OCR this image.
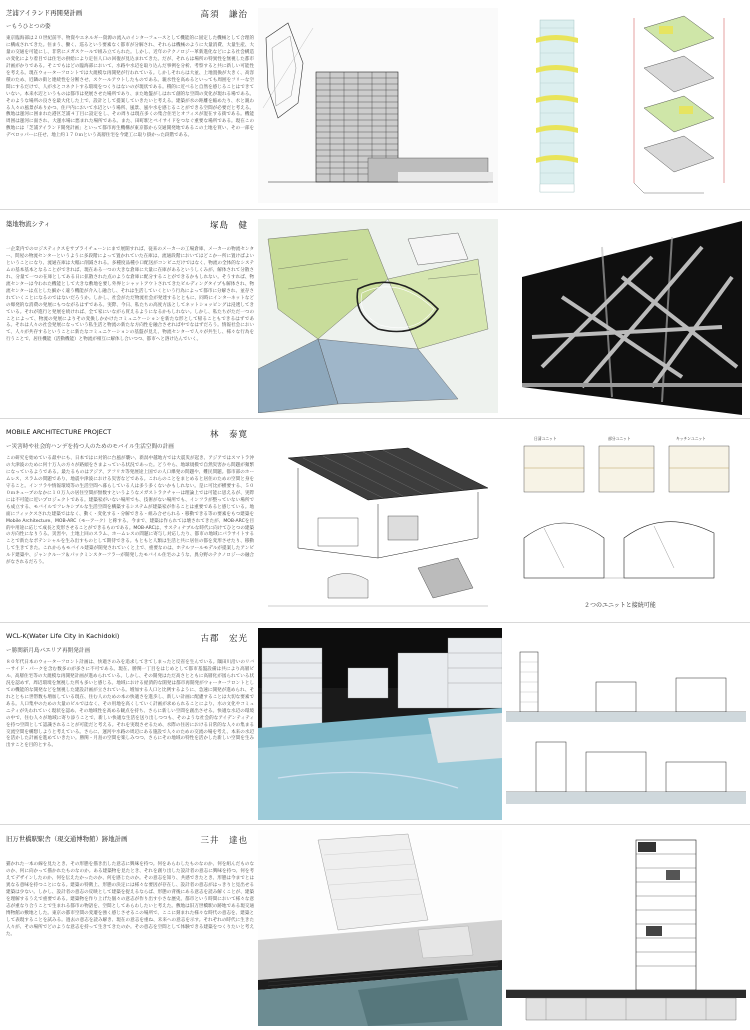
芝浦アイランド再開発計画	高須　謙治
ーもうひとつの姿
東京臨海部は２０世紀前半、物資やエネルギー資源の流入のインターフェースとして機能的に固定した機械として合理的に構成されてきた。住まう、働く、巡るという要素なく都市が分解され、それらは機械のように大量消費、大量生産、大量の交通を可能にし、非常にメガスケールで組み立てられた。しかし、近年のテクノロジー革新進化などによる社会構造の変化により着目では住宅の供給により定住人口の回復が見込まれてきた。だが、それらは場所の特異性を無視した都市計画がかりである。そこでもはどの臨海部において、水路や水辺を取り込んだ事例を分析、考察すると共に新しい可能性を考える。現在ウォーターフロントでは大規模な再開発が行われている。しかしそれらは大並、上地置換が大きく、高容積のため、近隣の街と連続性を分断させ、スケールアウトしたものである。親水性を高めるといっても周囲をフリーな空間にするだけで、人が水とコネクトする環境をつくりはないのが現状である。積的に近べると自然を感じることはできていない。本来水辺というものは都市は発展させた場所であり、また地盤がしはれて創的な空間の変化が現れる場である。そのような場所の良さを最大化した上で、設計として提案していきたいと考える。建築が水の距離を縮めたり、水と親わる人々の風景がありかつ、住戸内において水辺という場所、風景、風や水を感じることができる空間が必要だと考える。敷地は運河に囲まれた港区芝浦４丁目に設定をし、その周りは現在多くの集合住宅とオフィスが混在する街である。機能周囲は運河に面され、大運水場に悪まれた場所である。また、田町駅とペイサイドをつなぐ重要な場所である。現在この敷地には「芝浦アイランド開発計画」といって都市再生機構が東京都から交通開発地であるこの土地を買い、その一部をデベロッパーに任せ、地上約１７０ｍという高層住宅を今建工に取り掛かった段階である。
築地物流シティ	塚島　健
一企業内でのロジスティクスをサプライチェーンにまで展開すれば、従来のメーカーの工場倉庫、メーカーの物流センター、問屋の物流センターというように多段階によって置かれていた在庫は、流通段階においてはどこかー所に置けばよいということになり、流通在庫は大幅に削減される。多種度品種小口配送がコンビニだけではなく、物流の全体的なシステムの基本基本となることができれば、現在ある一つの大きな倉庫に大量に在庫があるというしくみが、解体されて分散され、分量て一つの在庫としてある日に拡散された点のような倉庫に配分することができるかもしれない。そうすれば、物流センターは今われた機能として大きな敷地を要し外界とシャットアウトされてきたビルディングタイプも解体され、物流センターは点とした細かく違う機能が介入し融合し、それは生活していくという行為によって都市に分解され、並存されていくことになるのではないだろうか。しかし、社会がただ物流社会が発達するとともに、同時にインターネットなどの爆発的な消費の発展にもつながるはずである。実際、今日、私たちの高度方法としてネットショッピングは浸透してきている。それが進行と発展を続ければ、全て家にいながら買えるようになるかもしれない。しかし、私たちがただ一つのことによって、物流の発展によりその変換しかかけたコミュニケーションを新たな形として帰ることもできるはずである。それは人々の社会発展になっていう私生活と物流の新たな方向性を融合させれば中でなはずだろう。情報社会において、人々が共存するということに新たなコミュニケーションの基盤が見え、物流センターで人々が共生し、様々な行為を行うことで、居住機能（活動機能）と物流が相互に解体し合いつつ、都市へと溶け込んでいく。
MOBILE ARCHITECTURE PROJECT	林　泰寛
ー災害時や社会的ハンデを持つ人のためのモバイル生活空間の計画
この研究を始めている最中にも、日本ではに対的に台風が襲い、新潟中越地方では大震災が起き、アジアではスマトラ沖の大津波のために何十万人の方々が路頭をさまよっている状況であった。どうやら、地球規模で自然災害から問題が頻繁になっているようである。最たるものはアジア、アフリカ等発展途上国での人口爆発の問題や、難民問題。都市部のホームレス、スラムの問題であり、地震や津波における災害などである。これらのことをまとめると居住のための空間と身を守ること。インフラや情報環境等の生活空間へ暮らしている人は多う多くないかもしれない。是に可比が横要する、５００ｍキューブのなかに１０万人の居住空間が無数すというようなメガストラクチャーは理論上では可能に思えるが、実際には不可能に近いプロジェクトである。建築家がいない場所でも、技術がない場所でも、インフラが整っていない場所でも成立する、モバイルでフレキシブルな生活空間を構築するシステムが建築家が作ることは重要であると感じている。地面にフィックスされた建築ではなく、動く・変化する・分解できる・組み合せられる・移動できる等の要素をもつ建築をMobile Architecture、MOB-ARC（モーアーク）と称する。今まで、建築は作られては壊されてきたが、MOB-ARCを目的や用途に応じて成長と変形させることができるものである。MOB-ARCは、サスティナブルな時代に向けてひとつの建築の方向性になりうる。災害や、土地上回のスラム、ホームレスの問題に寄与し対応したり、都市の地域にパラサイトすることで新たなポテンシャルを生み出すものとして期待できる。もともと人類は生活と共に居住の都を変形させたり、移動して生きてきた。これからもモバイル建築が開発されていくと上で、重要なのは、ホテルツールモデルが提案したアンビルド建築や、ジャンクルーフ＆パックミンスターフラーが開発したモバイル住宅のような、異分野のテクノロジーの融合がなされるだろう。
日清ユニット	部分ユニット	キッチンユニット
２つのユニットと接続可能
WCL-K(Water Life City in Kachidoki)	古郡　宏光
ー勝関新月島パエリア再開発計画
８０年代日本のウォーターフロント計画は、快適さのみを追求してきてしまったと反省を生んでいる。隅田川沿いのリバーサイド・パークを含む数多のが多さに不可である。現在、勝関一丁目をはじめとして都市基盤設備は共により高層ビル、高層住宅等の大規模な再開発計画が進められている。しかし、その開発はただ高さとともに高層化が図られている状況を認めず、周辺環境を無視した所も多いと感じる。地域における経済的な開発は都市再開発がウォーターフロントとしての機能的な開発などを無視した建設計画が立されている。増加する人口と比例するように、急速に開発が進められ、それとともに世帯数も増加している現在、住む人のための本の快適さを進歩し、新しい計画に配慮することは大切な要素である。人口集中のための大量のビルではなく、その用地を高くしていく計画が求められることにより、水の文化やコミュニティが失われていく現状を認め、その地域性を高める観点を持ち、さらに新しい空間を創出させる。快適な水辺の環境の中で、住む人々が地域に寄り添うことで、新しい快適な生活を送り出しつつも、そのような社会的なアイデンティティを持つ空間として認識されることが可能だと考える。それを実現させるため、水際の住居における日常的な人々の集まる交流空間を構想しようと考えている。さらに、運河や水路の周辺にある施設で人々のための交流の場を考え、本来の水辺を活かした計画を進めていきたい。勝関・月島の空間を楽しみつつ、さらにその地域の特性を活かした新しい空間を生み出すことを目的とする。
旧万世橋駅駅舎（現交通博物館）跡地計画	三井　達也
猫かれた一本の線を見たとき、その形態を描き出した意志に興味を持つ。何をあらわしたものなのか、何を組んだものなのか、何に向かって描かれたものなのか。ある建築物を見たとき、それを創り出した設計者の意志に興味を持つ。何を考えてデザインしたのか、何を伝えたかったのか、何を感じたのか。その意志を知り、共感できたとき、形態は今までとは異なる意味を持つことになる。建築の特徴上、形態の決定には様々な要因が存在し、設計者の意志がはっきりと見出せる建築は少ない。しかし、設計者の意志の反映として建築を捉えるならば、形態の背後にある意志を読み解くことが、建築を理解するうえで重要である。建築物を作り上げた個々の意志が作り出す小さな歴史、都市という時間において様々な意志が重なり合うことで生まれる都市の物語を、空間としてあらわしたいと考えた。敷地は旧万世橋駅の跡地である現交通博物館の敷地とした。東京の都市空間の変遷を強く感じさせるこの場所で、ここに刻まれた様々な時代の意志を、建築として表現することを試みる。過去の意志を読み解き、現在の意志を重ね、未来への意志を示す。それぞれの時代に生きた人々が、その場所でどのような意志を持って生きてきたのか。その意志を空間として体験できる建築をつくりたいと考えた。
